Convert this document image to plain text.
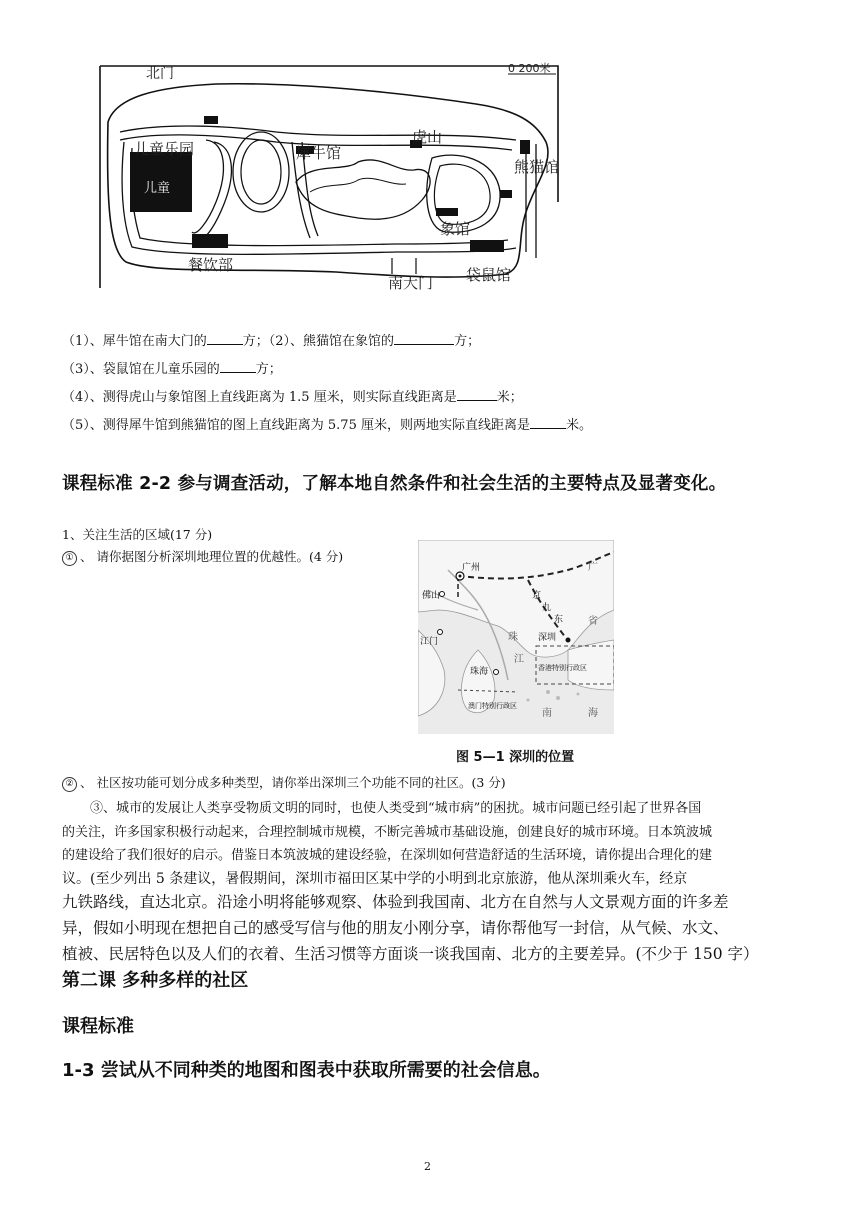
北门	0 200米
儿童乐园
儿童
犀牛馆
虎山
熊猫馆
象馆
餐饮部
南大门 袋鼠馆
（1）、犀牛馆在南大门的	方；（2）、熊猫馆在象馆的	方；
（3）、袋鼠馆在儿童乐园的	方；
（4）、测得虎山与象馆图上直线距离为 1.5 厘米，则实际直线距离是	米；
（5）、测得犀牛馆到熊猫馆的图上直线距离为 5.75 厘米，则两地实际直线距离是	米。
课程标准 2-2 参与调查活动，了解本地自然条件和社会生活的主要特点及显著变化。
1、关注生活的区域(17 分)
① 、 请你据图分析深圳地理位置的优越性。(4 分)
广州
佛山	京
九
东
江门	深圳
珠海
珠
江
省
广
香港特别行政区
澳门特别行政区
南	海
图 5—1 深圳的位置
② 、 社区按功能可划分成多种类型，请你举出深圳三个功能不同的社区。(3 分)
③、城市的发展让人类享受物质文明的同时，也使人类受到“城市病”的困扰。城市问题已经引起了世界各国
的关注，许多国家积极行动起来，合理控制城市规模，不断完善城市基础设施，创建良好的城市环境。日本筑波城
的建设给了我们很好的启示。借鉴日本筑波城的建设经验，在深圳如何营造舒适的生活环境，请你提出合理化的建
议。(至少列出 5 条建议，暑假期间，深圳市福田区某中学的小明到北京旅游，他从深圳乘火车，经京
九铁路线，直达北京。沿途小明将能够观察、体验到我国南、北方在自然与人文景观方面的许多差
异，假如小明现在想把自己的感受写信与他的朋友小刚分享，请你帮他写一封信，从气候、水文、
植被、民居特色以及人们的衣着、生活习惯等方面谈一谈我国南、北方的主要差异。(不少于 150 字）
第二课 多种多样的社区
课程标准
1-3 尝试从不同种类的地图和图表中获取所需要的社会信息。
2
